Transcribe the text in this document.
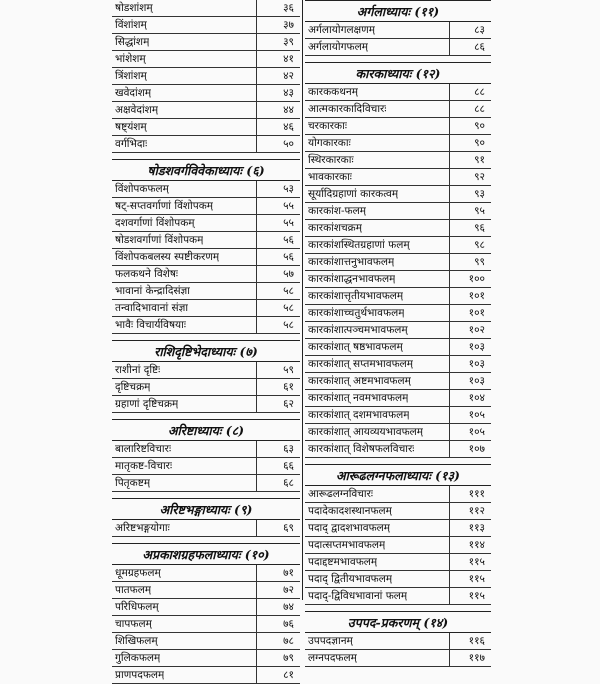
षोडशांशम्	३६
विंशांशम्	३७
सिद्धांशम्	३९
भांशेशम्	४१
त्रिंशांशम्	४२
खवेदांशम्	४३
अक्षवेदांशम्	४४
षष्ट्यंशम्	४६
वर्गभिदाः	५०
षोडशवर्गविवेकाध्यायः (६)
विंशोपकफलम्	५३
षट्-सप्तवर्गाणां विंशोपकम्	५५
दशवर्गाणां विंशोपकम्	५५
षोडशवर्गाणां विंशोपकम्	५६
विंशोपकबलस्य स्पष्टीकरणम्	५६
फलकथने विशेषः	५७
भावानां केन्द्रादिसंज्ञा	५८
तन्वादिभावानां संज्ञा	५८
भावैः विचार्यविषयाः	५८
राशिदृष्टिभेदाध्यायः (७)
राशीनां दृष्टिः	५९
दृष्टिचक्रम्	६१
ग्रहाणां दृष्टिचक्रम्	६२
अरिष्टाध्यायः (८)
बालारिष्टविचारः	६३
मातृकष्ट-विचारः	६६
पितृकष्टम्	६८
अरिष्टभङ्गाध्यायः (९)
अरिष्टभङ्गयोगाः	६९
अप्रकाशग्रहफलाध्यायः (१०)
धूमग्रहफलम्	७१
पातफलम्	७२
परिधिफलम्	७४
चापफलम्	७६
शिखिफलम्	७८
गुलिकफलम्	७९
प्राणपदफलम्	८१
अर्गलाध्यायः (११)
अर्गलायोगलक्षणम्	८३
अर्गलायोगफलम्	८६
कारकाध्यायः (१२)
कारककथनम्	८८
आत्मकारकादिविचारः	८८
चरकारकाः	९०
योगकारकाः	९०
स्थिरकारकाः	९१
भावकारकाः	९२
सूर्यादिग्रहाणां कारकत्वम्	९३
कारकांश-फलम्	९५
कारकांशचक्रम्	९६
कारकांशस्थितग्रहाणां फलम्	९८
कारकांशात्तनुभावफलम्	९९
कारकांशाद्धनभावफलम्	१००
कारकांशात्तृतीयभावफलम्	१०१
कारकांशाच्चतुर्थभावफलम्	१०१
कारकांशात्पञ्चमभावफलम्	१०२
कारकांशात् षष्ठभावफलम्	१०३
कारकांशात् सप्तमभावफलम्	१०३
कारकांशात् अष्टमभावफलम्	१०३
कारकांशात् नवमभावफलम्	१०४
कारकांशात् दशमभावफलम्	१०५
कारकांशात् आयव्ययभावफलम्	१०५
कारकांशात् विशेषफलविचारः	१०७
आरूढलग्नफलाध्यायः (१३)
आरूढलग्नविचारः	१११
पदादेकादशस्थानफलम्	११२
पदाद् द्वादशभावफलम्	११३
पदात्सप्तमभावफलम्	११४
पदाद्दष्टमभावफलम्	११५
पदाद् द्वितीयभावफलम्	११५
पदाद्-द्विविधभावानां फलम्	११५
उपपद-प्रकरणम् (१४)
उपपदज्ञानम्	११६
लग्नपदफलम्	११७
